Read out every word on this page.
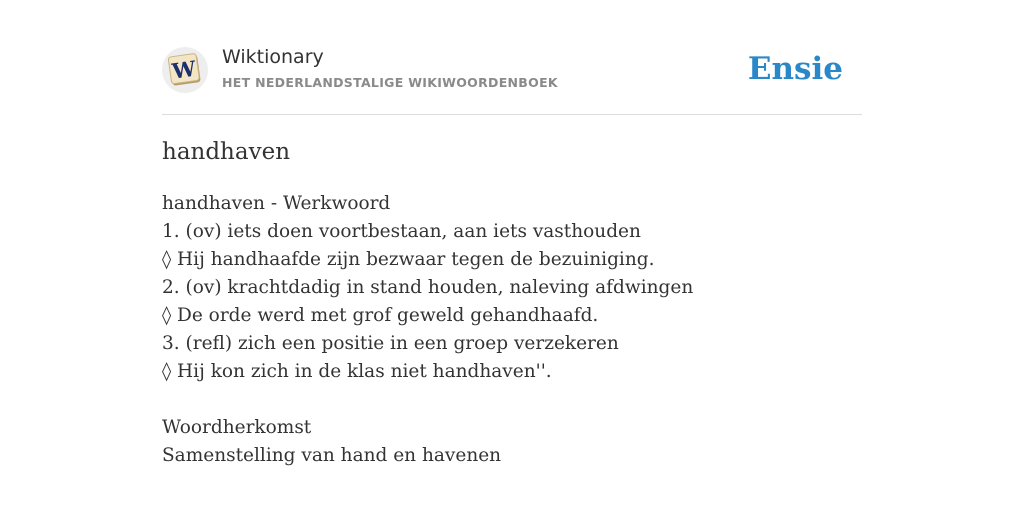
W Wiktionary
HET NEDERLANDSTALIGE WIKIWOORDENBOEK	Ensie
handhaven
handhaven - Werkwoord
1. (ov) iets doen voortbestaan, aan iets vasthouden
◊ Hij handhaafde zijn bezwaar tegen de bezuiniging.
2. (ov) krachtdadig in stand houden, naleving afdwingen
◊ De orde werd met grof geweld gehandhaafd.
3. (refl) zich een positie in een groep verzekeren
◊ Hij kon zich in de klas niet handhaven''.
Woordherkomst
Samenstelling van hand en havenen
